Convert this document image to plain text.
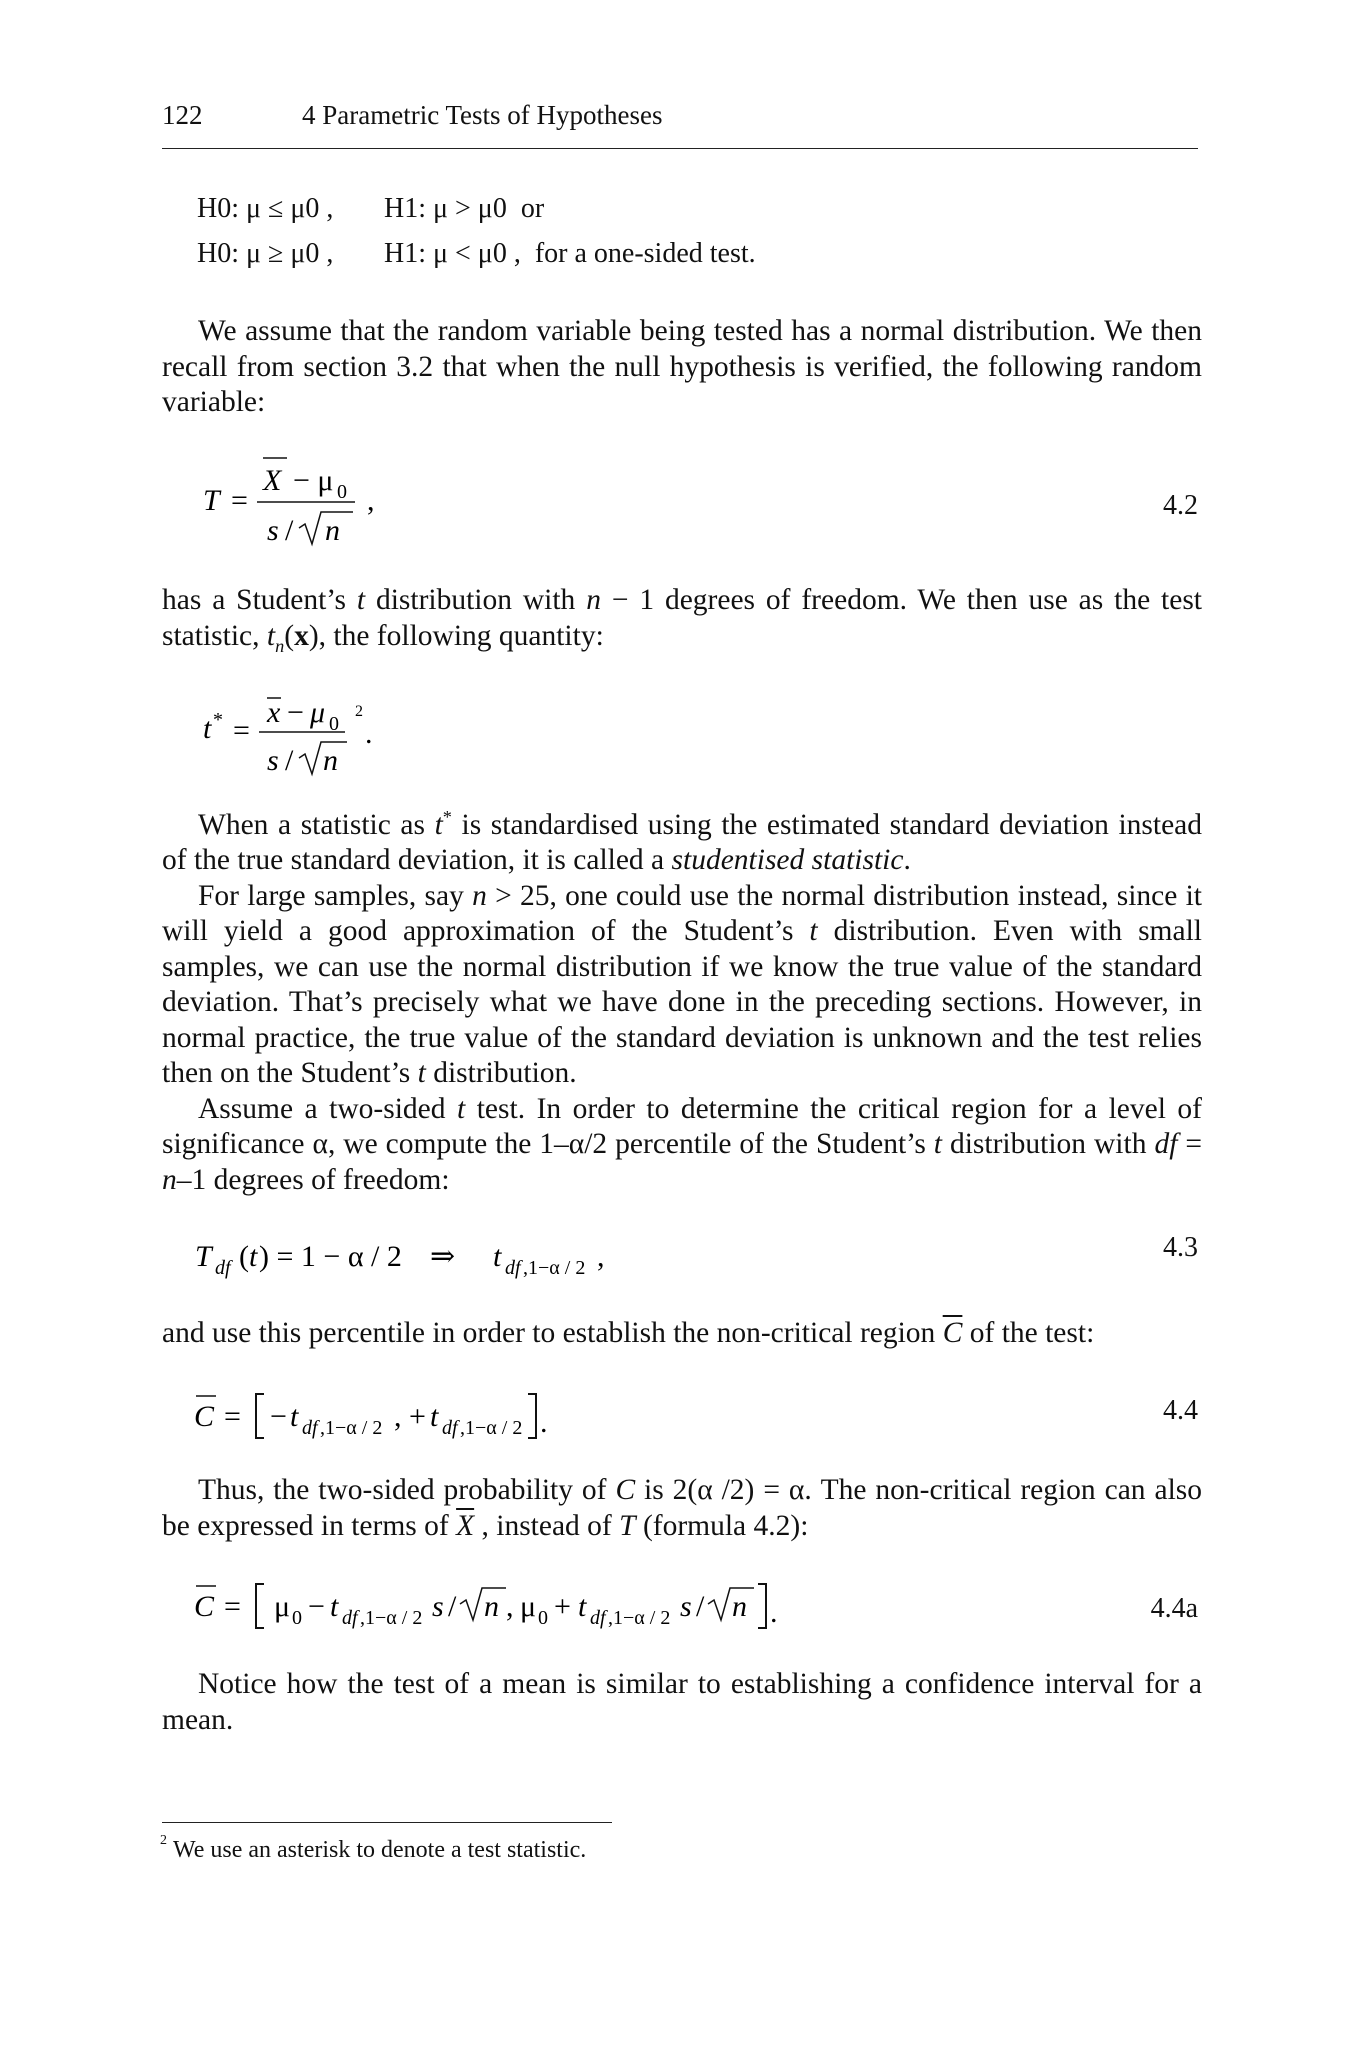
122	4 Parametric Tests of Hypotheses
H0: μ ≤ μ0 , H1: μ > μ0 or
H0: μ ≥ μ0 , H1: μ < μ0 , for a one-sided test.

We assume that the random variable being tested has a normal distribution. We then recall from section 3.2 that when the null hypothesis is verified, the following random variable:

T =
X − μ 0
s / n
,	4.2

has a Student’s t distribution with n − 1 degrees of freedom. We then use as the test statistic, $t_n(x)$, the following quantity:

t * =
x − μ 0
2
s / n
.

When a statistic as t* is standardised using the estimated standard deviation instead of the true standard deviation, it is called a studentised statistic.

For large samples, say n > 25, one could use the normal distribution instead, since it will yield a good approximation of the Student’s t distribution. Even with small samples, we can use the normal distribution if we know the true value of the standard deviation. That’s precisely what we have done in the preceding sections. However, in normal practice, the true value of the standard deviation is unknown and the test relies then on the Student’s t distribution.

Assume a two-sided t test. In order to determine the critical region for a level of significance α, we compute the 1–α/2 percentile of the Student’s t distribution with df = n–1 degrees of freedom:

T df ( t ) = 1 − α / 2 ⇒ t df ,1−α / 2 ,	4.3

and use this percentile in order to establish the non-critical region $\overline{C}$ of the test:

C = − t df ,1−α / 2 , + t df ,1−α / 2 .	4.4

Thus, the two-sided probability of C is 2(α /2) = α. The non-critical region can also be expressed in terms of $\overline{X}$ , instead of T (formula 4.2):

C = μ 0 − t df ,1−α / 2 s / n , μ 0 + t df ,1−α / 2 s / n .	4.4a

Notice how the test of a mean is similar to establishing a confidence interval for a mean.

$^2$ We use an asterisk to denote a test statistic.
